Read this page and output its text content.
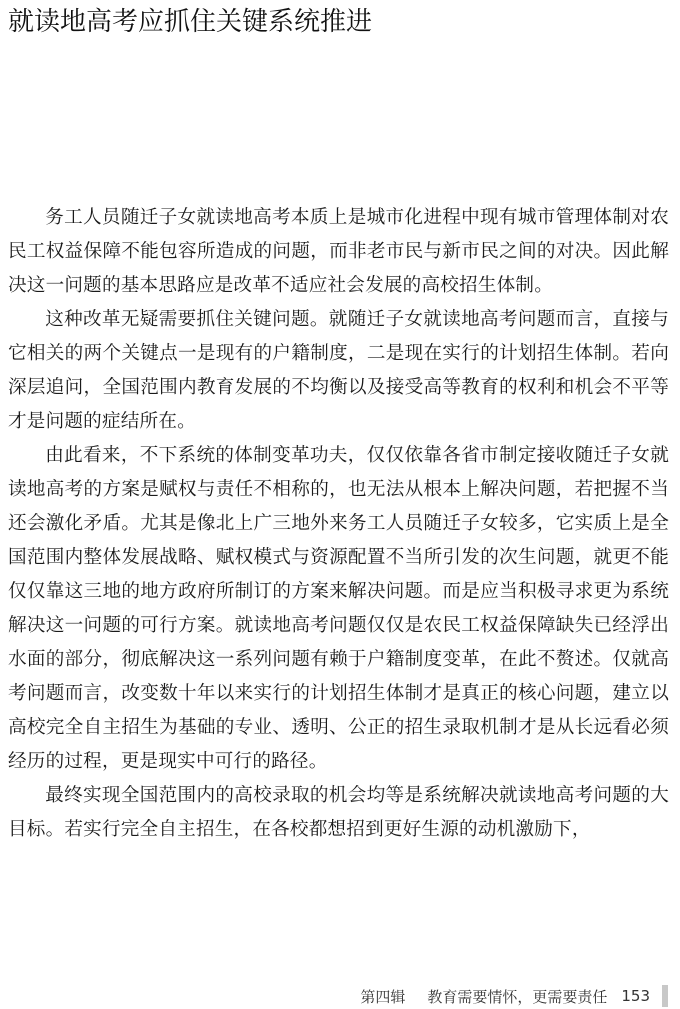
就读地高考应抓住关键系统推进

务工人员随迁子女就读地高考本质上是城市化进程中现有城市管理体制对农民工权益保障不能包容所造成的问题，而非老市民与新市民之间的对决。因此解决这一问题的基本思路应是改革不适应社会发展的高校招生体制。

这种改革无疑需要抓住关键问题。就随迁子女就读地高考问题而言，直接与它相关的两个关键点一是现有的户籍制度，二是现在实行的计划招生体制。若向深层追问，全国范围内教育发展的不均衡以及接受高等教育的权利和机会不平等才是问题的症结所在。

由此看来，不下系统的体制变革功夫，仅仅依靠各省市制定接收随迁子女就读地高考的方案是赋权与责任不相称的，也无法从根本上解决问题，若把握不当还会激化矛盾。尤其是像北上广三地外来务工人员随迁子女较多，它实质上是全国范围内整体发展战略、赋权模式与资源配置不当所引发的次生问题，就更不能仅仅靠这三地的地方政府所制订的方案来解决问题。而是应当积极寻求更为系统解决这一问题的可行方案。就读地高考问题仅仅是农民工权益保障缺失已经浮出水面的部分，彻底解决这一系列问题有赖于户籍制度变革，在此不赘述。仅就高考问题而言，改变数十年以来实行的计划招生体制才是真正的核心问题，建立以高校完全自主招生为基础的专业、透明、公正的招生录取机制才是从长远看必须经历的过程，更是现实中可行的路径。

最终实现全国范围内的高校录取的机会均等是系统解决就读地高考问题的大目标。若实行完全自主招生，在各校都想招到更好生源的动机激励下，

第四辑 教育需要情怀，更需要责任 153
